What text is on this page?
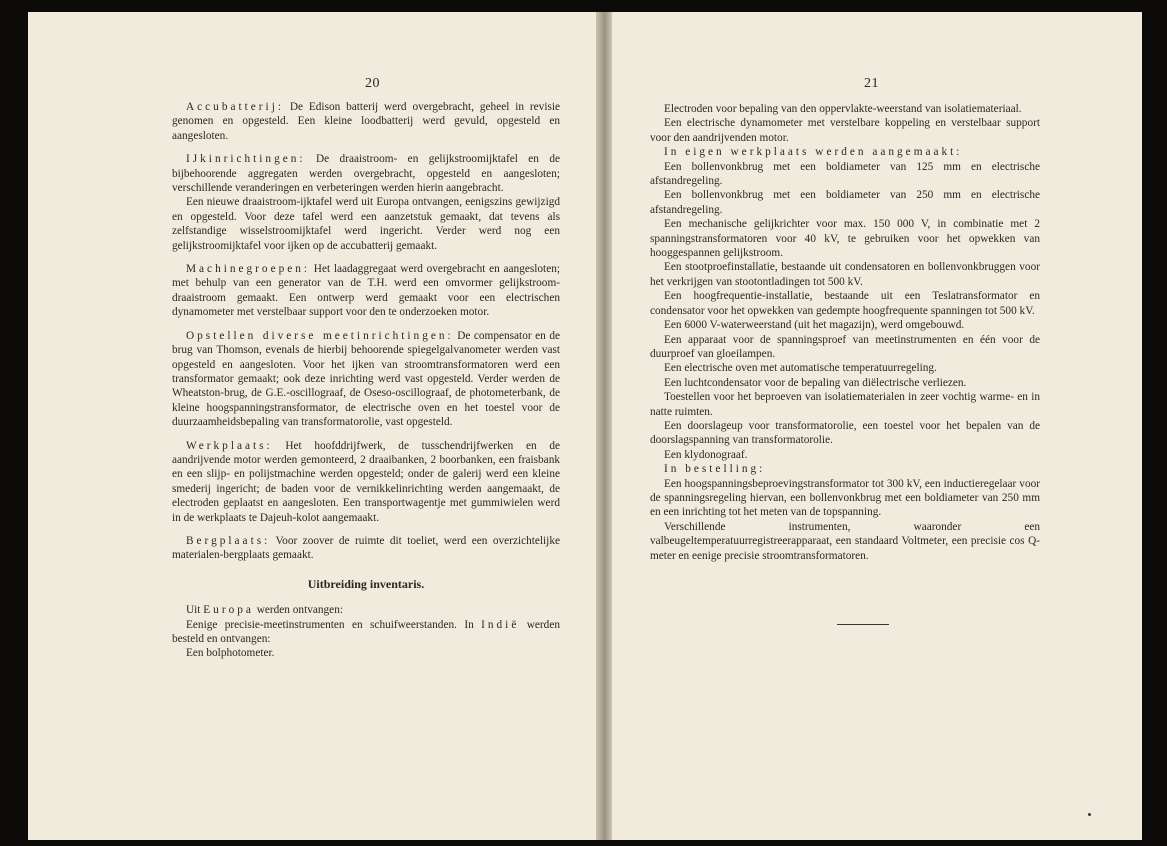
20

Accubatterij: De Edison batterij werd overgebracht, geheel in revisie genomen en opgesteld. Een kleine loodbatterij werd gevuld, opgesteld en aangesloten.

IJkinrichtingen: De draaistroom- en gelijkstroomijktafel en de bijbehoorende aggregaten werden overgebracht, opgesteld en aangesloten; verschillende veranderingen en verbeteringen werden hierin aangebracht.

Een nieuwe draaistroom-ijktafel werd uit Europa ontvangen, eenigszins gewijzigd en opgesteld. Voor deze tafel werd een aanzetstuk gemaakt, dat tevens als zelfstandige wisselstroomijktafel werd ingericht. Verder werd nog een gelijkstroomijktafel voor ijken op de accubatterij gemaakt.

Machinegroepen: Het laadaggregaat werd overgebracht en aangesloten; met behulp van een generator van de T.H. werd een omvormer gelijkstroom-draaistroom gemaakt. Een ontwerp werd gemaakt voor een electrischen dynamometer met verstelbaar support voor den te onderzoeken motor.

Opstellen diverse meetinrichtingen: De compensator en de brug van Thomson, evenals de hierbij behoorende spiegelgalvanometer werden vast opgesteld en aangesloten. Voor het ijken van stroomtransformatoren werd een transformator gemaakt; ook deze inrichting werd vast opgesteld. Verder werden de Wheatston-brug, de G.E.-oscillograaf, de Oseso-oscillograaf, de photometerbank, de kleine hoogspanningstransformator, de electrische oven en het toestel voor de duurzaamheidsbepaling van transformatorolie, vast opgesteld.

Werkplaats: Het hoofddrijfwerk, de tusschendrijfwerken en de aandrijvende motor werden gemonteerd, 2 draaibanken, 2 boorbanken, een fraisbank en een slijp- en polijstmachine werden opgesteld; onder de galerij werd een kleine smederij ingericht; de baden voor de vernikkelinrichting werden aangemaakt, de electroden geplaatst en aangesloten. Een transportwagentje met gummiwielen werd in de werkplaats te Dajeuh-kolot aangemaakt.

Bergplaats: Voor zoover de ruimte dit toeliet, werd een overzichtelijke materialen-bergplaats gemaakt.

Uitbreiding inventaris.

Uit Europa werden ontvangen:

Eenige precisie-meetinstrumenten en schuifweerstanden. In Indië werden besteld en ontvangen:

Een bolphotometer.

21

Electroden voor bepaling van den oppervlakte-weerstand van isolatiemateriaal.

Een electrische dynamometer met verstelbare koppeling en verstelbaar support voor den aandrijvenden motor.

In eigen werkplaats werden aangemaakt:

Een bollenvonkbrug met een boldiameter van 125 mm en electrische afstandregeling.

Een bollenvonkbrug met een boldiameter van 250 mm en electrische afstandregeling.

Een mechanische gelijkrichter voor max. 150 000 V, in combinatie met 2 spanningstransformatoren voor 40 kV, te gebruiken voor het opwekken van hooggespannen gelijkstroom.

Een stootproefinstallatie, bestaande uit condensatoren en bollenvonkbruggen voor het verkrijgen van stootontladingen tot 500 kV.

Een hoogfrequentie-installatie, bestaande uit een Teslatransformator en condensator voor het opwekken van gedempte hoogfrequente spanningen tot 500 kV.

Een 6000 V-waterweerstand (uit het magazijn), werd omgebouwd.

Een apparaat voor de spanningsproef van meetinstrumenten en één voor de duurproef van gloeilampen.

Een electrische oven met automatische temperatuurregeling.

Een luchtcondensator voor de bepaling van diëlectrische verliezen.

Toestellen voor het beproeven van isolatiematerialen in zeer vochtig warme- en in natte ruimten.

Een doorslageup voor transformatorolie, een toestel voor het bepalen van de doorslagspanning van transformatorolie.

Een klydonograaf.

In bestelling:

Een hoogspanningsbeproevingstransformator tot 300 kV, een inductieregelaar voor de spanningsregeling hiervan, een bollenvonkbrug met een boldiameter van 250 mm en een inrichting tot het meten van de topspanning.

Verschillende instrumenten, waaronder een valbeugeltemperatuurregistreerapparaat, een standaard Voltmeter, een precisie cos Q-meter en eenige precisie stroomtransformatoren.
